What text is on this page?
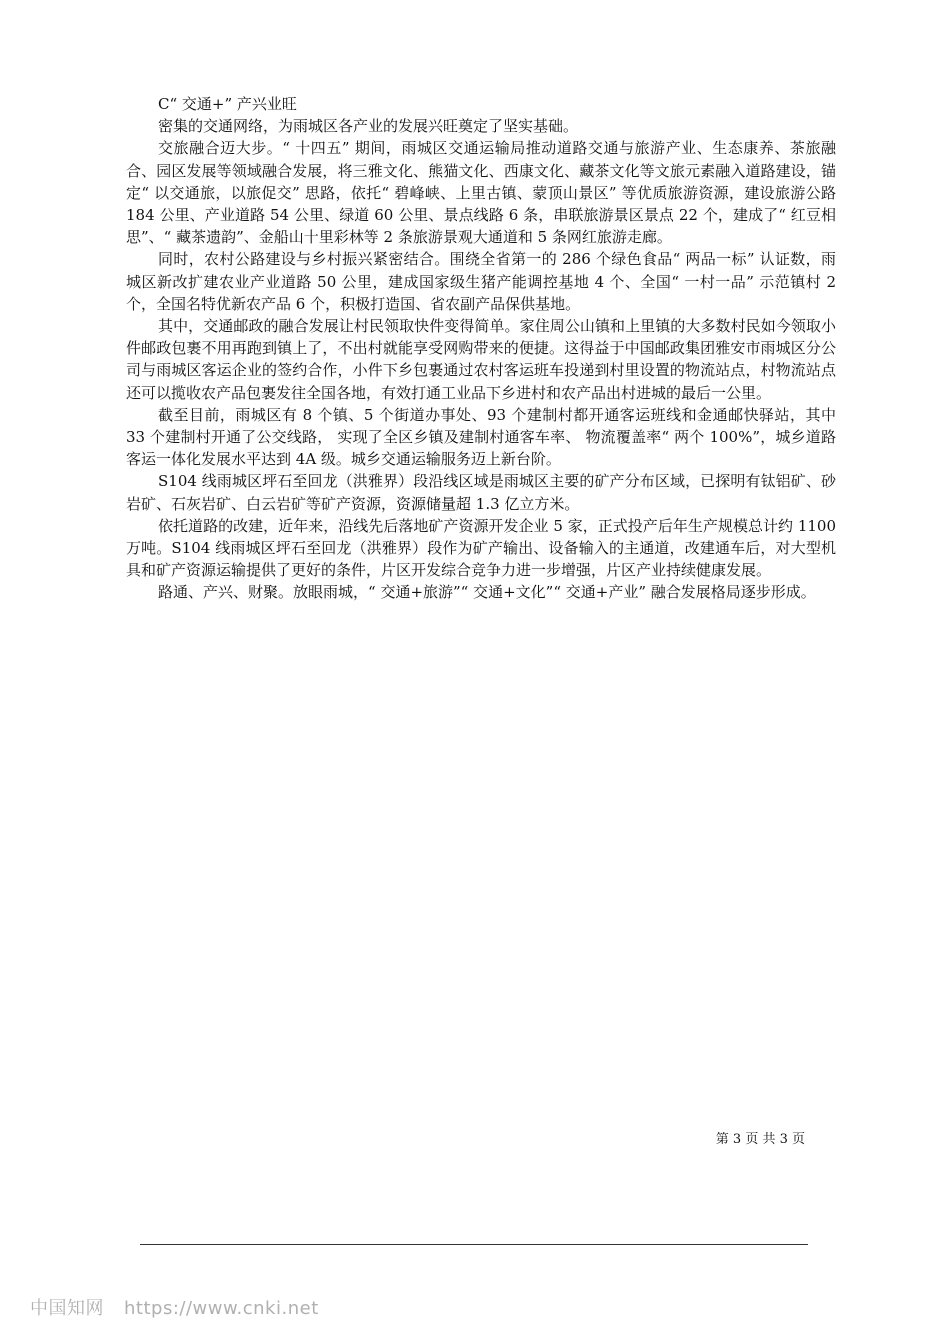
C“ 交通+” 产兴业旺

密集的交通网络，为雨城区各产业的发展兴旺奠定了坚实基础。

交旅融合迈大步。“ 十四五” 期间，雨城区交通运输局推动道路交通与旅游产业、生态康养、茶旅融合、园区发展等领域融合发展，将三雅文化、熊猫文化、西康文化、藏茶文化等文旅元素融入道路建设，锚定“ 以交通旅，以旅促交” 思路，依托“ 碧峰峡、上里古镇、蒙顶山景区” 等优质旅游资源，建设旅游公路 184 公里、产业道路 54 公里、绿道 60 公里、景点线路 6 条，串联旅游景区景点 22 个，建成了“ 红豆相思”、“ 藏茶遗韵”、金船山十里彩林等 2 条旅游景观大通道和 5 条网红旅游走廊。

同时，农村公路建设与乡村振兴紧密结合。围绕全省第一的 286 个绿色食品“ 两品一标” 认证数，雨城区新改扩建农业产业道路 50 公里，建成国家级生猪产能调控基地 4 个、全国“ 一村一品” 示范镇村 2 个，全国名特优新农产品 6 个，积极打造国、省农副产品保供基地。

其中，交通邮政的融合发展让村民领取快件变得简单。家住周公山镇和上里镇的大多数村民如今领取小件邮政包裹不用再跑到镇上了，不出村就能享受网购带来的便捷。这得益于中国邮政集团雅安市雨城区分公司与雨城区客运企业的签约合作，小件下乡包裹通过农村客运班车投递到村里设置的物流站点，村物流站点还可以揽收农产品包裹发往全国各地，有效打通工业品下乡进村和农产品出村进城的最后一公里。

截至目前，雨城区有 8 个镇、5 个街道办事处、93 个建制村都开通客运班线和金通邮快驿站，其中 33 个建制村开通了公交线路， 实现了全区乡镇及建制村通客车率、 物流覆盖率“ 两个 100%”，城乡道路客运一体化发展水平达到 4A 级。城乡交通运输服务迈上新台阶。

S104 线雨城区坪石至回龙（洪雅界）段沿线区域是雨城区主要的矿产分布区域，已探明有钛铝矿、砂岩矿、石灰岩矿、白云岩矿等矿产资源，资源储量超 1.3 亿立方米。

依托道路的改建，近年来，沿线先后落地矿产资源开发企业 5 家，正式投产后年生产规模总计约 1100 万吨。S104 线雨城区坪石至回龙（洪雅界）段作为矿产输出、设备输入的主通道，改建通车后，对大型机具和矿产资源运输提供了更好的条件，片区开发综合竞争力进一步增强，片区产业持续健康发展。

路通、产兴、财聚。放眼雨城，“ 交通+旅游”“ 交通+文化”“ 交通+产业” 融合发展格局逐步形成。

第 3 页 共 3 页
中国知网 https://www.cnki.net
